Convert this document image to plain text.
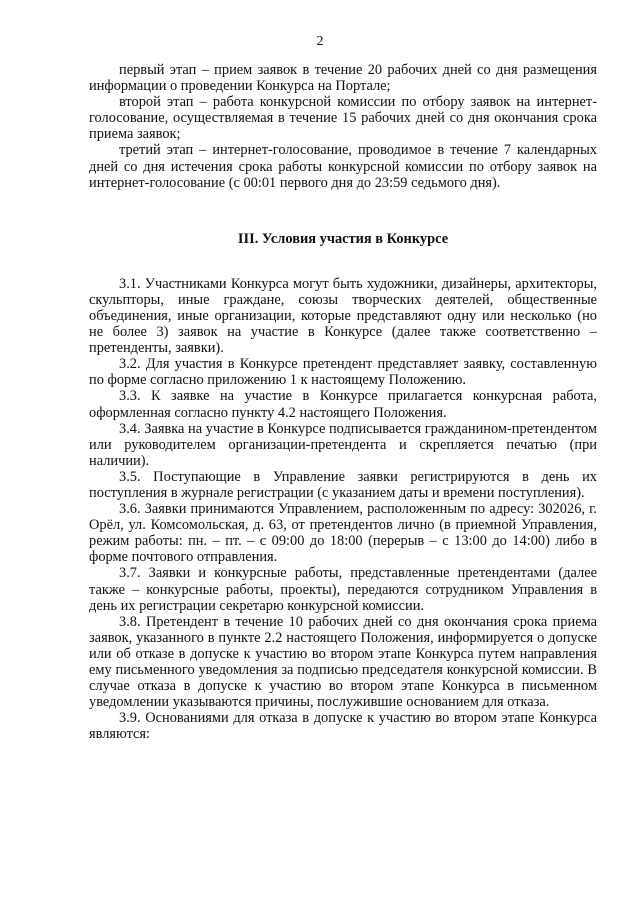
2

первый этап – прием заявок в течение 20 рабочих дней со дня размещения информации о проведении Конкурса на Портале;

второй этап – работа конкурсной комиссии по отбору заявок на интернет-голосование, осуществляемая в течение 15 рабочих дней со дня окончания срока приема заявок;

третий этап – интернет-голосование, проводимое в течение 7 календарных дней со дня истечения срока работы конкурсной комиссии по отбору заявок на интернет-голосование (с 00:01 первого дня до 23:59 седьмого дня).

III. Условия участия в Конкурсе

3.1. Участниками Конкурса могут быть художники, дизайнеры, архитекторы, скульпторы, иные граждане, союзы творческих деятелей, общественные объединения, иные организации, которые представляют одну или несколько (но не более 3) заявок на участие в Конкурсе (далее также соответственно – претенденты, заявки).

3.2. Для участия в Конкурсе претендент представляет заявку, составленную по форме согласно приложению 1 к настоящему Положению.

3.3. К заявке на участие в Конкурсе прилагается конкурсная работа, оформленная согласно пункту 4.2 настоящего Положения.

3.4. Заявка на участие в Конкурсе подписывается гражданином-претендентом или руководителем организации-претендента и скрепляется печатью (при наличии).

3.5. Поступающие в Управление заявки регистрируются в день их поступления в журнале регистрации (с указанием даты и времени поступления).

3.6. Заявки принимаются Управлением, расположенным по адресу: 302026, г. Орёл, ул. Комсомольская, д. 63, от претендентов лично (в приемной Управления, режим работы: пн. – пт. – с 09:00 до 18:00 (перерыв – с 13:00 до 14:00) либо в форме почтового отправления.

3.7. Заявки и конкурсные работы, представленные претендентами (далее также – конкурсные работы, проекты), передаются сотрудником Управления в день их регистрации секретарю конкурсной комиссии.

3.8. Претендент в течение 10 рабочих дней со дня окончания срока приема заявок, указанного в пункте 2.2 настоящего Положения, информируется о допуске или об отказе в допуске к участию во втором этапе Конкурса путем направления ему письменного уведомления за подписью председателя конкурсной комиссии. В случае отказа в допуске к участию во втором этапе Конкурса в письменном уведомлении указываются причины, послужившие основанием для отказа.

3.9. Основаниями для отказа в допуске к участию во втором этапе Конкурса являются:
